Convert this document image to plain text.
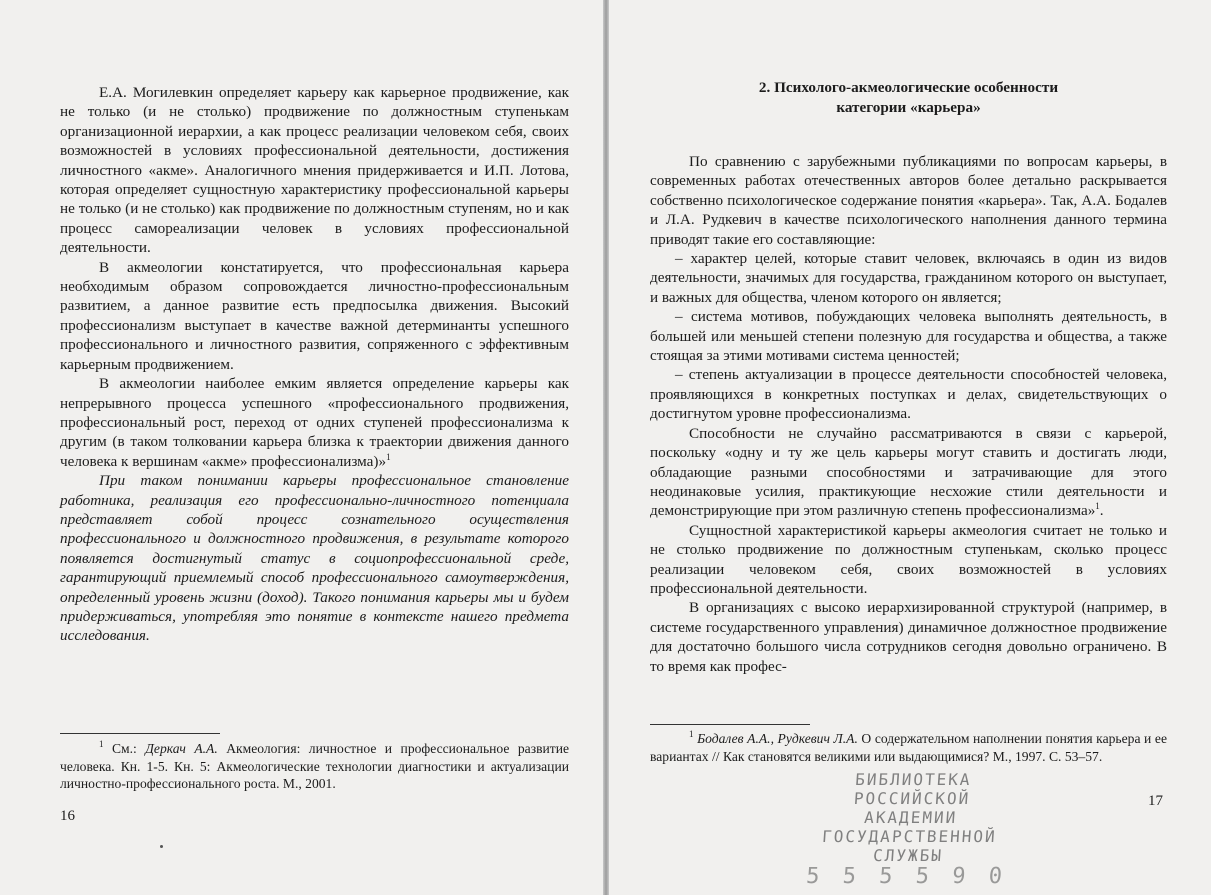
Е.А. Могилевкин определяет карьеру как карьерное продвижение, как не только (и не столько) продвижение по должностным ступенькам организационной иерархии, а как процесс реализации человеком себя, своих возможностей в условиях профессиональной деятельности, достижения личностного «акме». Аналогичного мнения придерживается и И.П. Лотова, которая определяет сущностную характеристику профессиональной карьеры не только (и не столько) как продвижение по должностным ступеням, но и как процесс самореализации человек в условиях профессиональной деятельности.

В акмеологии констатируется, что профессиональная карьера необходимым образом сопровождается личностно-профессиональным развитием, а данное развитие есть предпосылка движения. Высокий профессионализм выступает в качестве важной детерминанты успешного профессионального и личностного развития, сопряженного с эффективным карьерным продвижением.

В акмеологии наиболее емким является определение карьеры как непрерывного процесса успешного «профессионального продвижения, профессиональный рост, переход от одних ступеней профессионализма к другим (в таком толковании карьера близка к траектории движения данного человека к вершинам «акме» профессионализма)»$^1$

При таком понимании карьеры профессиональное становление работника, реализация его профессионально-личностного потенциала представляет собой процесс сознательного осуществления профессионального и должностного продвижения, в результате которого появляется достигнутый статус в социопрофессиональной среде, гарантирующий приемлемый способ профессионального самоутверждения, определенный уровень жизни (доход). Такого понимания карьеры мы и будем придерживаться, употребляя это понятие в контексте нашего предмета исследования.

$^1$ См.: Деркач А.А. Акмеология: личностное и профессиональное развитие человека. Кн. 1-5. Кн. 5: Акмеологические технологии диагностики и актуализации личностно-профессионального роста. М., 2001.
16
2. Психолого-акмеологические особенности
категории «карьера»

По сравнению с зарубежными публикациями по вопросам карьеры, в современных работах отечественных авторов более детально раскрывается собственно психологическое содержание понятия «карьера». Так, А.А. Бодалев и Л.А. Рудкевич в качестве психологического наполнения данного термина приводят такие его составляющие:

– характер целей, которые ставит человек, включаясь в один из видов деятельности, значимых для государства, гражданином которого он выступает, и важных для общества, членом которого он является;

– система мотивов, побуждающих человека выполнять деятельность, в большей или меньшей степени полезную для государства и общества, а также стоящая за этими мотивами система ценностей;

– степень актуализации в процессе деятельности способностей человека, проявляющихся в конкретных поступках и делах, свидетельствующих о достигнутом уровне профессионализма.

Способности не случайно рассматриваются в связи с карьерой, поскольку «одну и ту же цель карьеры могут ставить и достигать люди, обладающие разными способностями и затрачивающие для этого неодинаковые усилия, практикующие несхожие стили деятельности и демонстрирующие при этом различную степень профессионализма»$^1$.

Сущностной характеристикой карьеры акмеология считает не только и не столько продвижение по должностным ступенькам, сколько процесс реализации человеком себя, своих возможностей в условиях профессиональной деятельности.

В организациях с высоко иерархизированной структурой (например, в системе государственного управления) динамичное должностное продвижение для достаточно большого числа сотрудников сегодня довольно ограничено. В то время как профес-

$^1$ Бодалев А.А., Рудкевич Л.А. О содержательном наполнении понятия карьера и ее вариантах // Как становятся великими или выдающимися? М., 1997. С. 53–57.
17
БИБЛИОТЕКА
РОССИЙСКОЙ АКАДЕМИИ
ГОСУДАРСТВЕННОЙ
СЛУЖБЫ
5 5 5 5 9 0
